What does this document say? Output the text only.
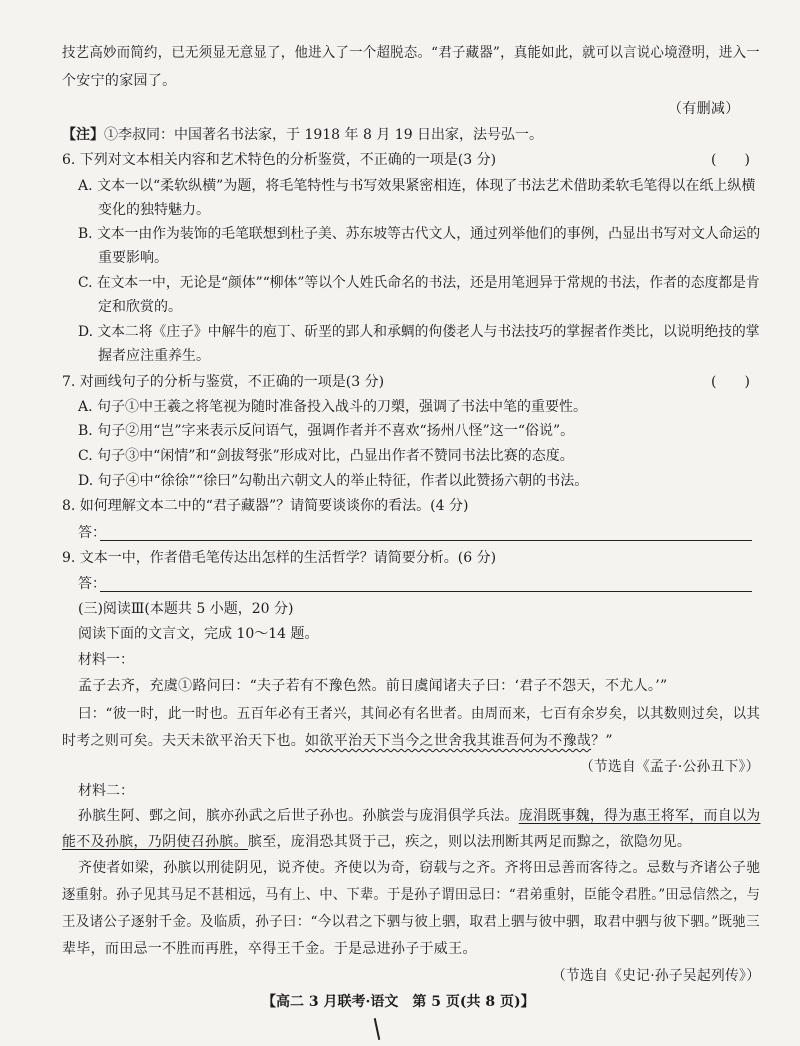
技艺高妙而简约，已无须显无意显了，他进入了一个超脱态。“君子藏器”，真能如此，就可以言说心境澄明，进入一
个安宁的家园了。
（有删减）
【注】①李叔同：中国著名书法家，于 1918 年 8 月 19 日出家，法号弘一。
6. 下列对文本相关内容和艺术特色的分析鉴赏，不正确的一项是(3 分)	(　　)
A. 文本一以“柔软纵横”为题，将毛笔特性与书写效果紧密相连，体现了书法艺术借助柔软毛笔得以在纸上纵横
变化的独特魅力。
B. 文本一由作为装饰的毛笔联想到杜子美、苏东坡等古代文人，通过列举他们的事例，凸显出书写对文人命运的
重要影响。
C. 在文本一中，无论是“颜体”“柳体”等以个人姓氏命名的书法，还是用笔迥异于常规的书法，作者的态度都是肯
定和欣赏的。
D. 文本二将《庄子》中解牛的庖丁、斫垩的郢人和承蜩的佝偻老人与书法技巧的掌握者作类比，以说明绝技的掌
握者应注重养生。
7. 对画线句子的分析与鉴赏，不正确的一项是(3 分)	(　　)
A. 句子①中王羲之将笔视为随时准备投入战斗的刀槊，强调了书法中笔的重要性。
B. 句子②用“岂”字来表示反问语气，强调作者并不喜欢“扬州八怪”这一“俗说”。
C. 句子③中“闲情”和“剑拔弩张”形成对比，凸显出作者不赞同书法比赛的态度。
D. 句子④中“徐徐”“徐曰”勾勒出六朝文人的举止特征，作者以此赞扬六朝的书法。
8. 如何理解文本二中的“君子藏器”？请简要谈谈你的看法。(4 分)
答：
9. 文本一中，作者借毛笔传达出怎样的生活哲学？请简要分析。(6 分)
答：
(三)阅读Ⅲ(本题共 5 小题，20 分)
阅读下面的文言文，完成 10～14 题。
材料一：
孟子去齐，充虞①路问曰：“夫子若有不豫色然。前日虞闻诸夫子曰：‘君子不怨天，不尤人。’”
曰：“彼一时，此一时也。五百年必有王者兴，其间必有名世者。由周而来，七百有余岁矣，以其数则过矣，以其
时考之则可矣。夫天未欲平治天下也。如欲平治天下当今之世舍我其谁吾何为不豫哉？”
（节选自《孟子·公孙丑下》）
材料二：
孙膑生阿、鄄之间，膑亦孙武之后世子孙也。孙膑尝与庞涓俱学兵法。庞涓既事魏，得为惠王将军，而自以为
能不及孙膑，乃阴使召孙膑。膑至，庞涓恐其贤于己，疾之，则以法刑断其两足而黥之，欲隐勿见。
齐使者如梁，孙膑以刑徒阴见，说齐使。齐使以为奇，窃载与之齐。齐将田忌善而客待之。忌数与齐诸公子驰
逐重射。孙子见其马足不甚相远，马有上、中、下辈。于是孙子谓田忌曰：“君弟重射，臣能令君胜。”田忌信然之，与
王及诸公子逐射千金。及临质，孙子曰：“今以君之下驷与彼上驷，取君上驷与彼中驷，取君中驷与彼下驷。”既驰三
辈毕，而田忌一不胜而再胜，卒得王千金。于是忌进孙子于威王。
（节选自《史记·孙子吴起列传》）
【高二 3 月联考·语文　第 5 页(共 8 页)】
